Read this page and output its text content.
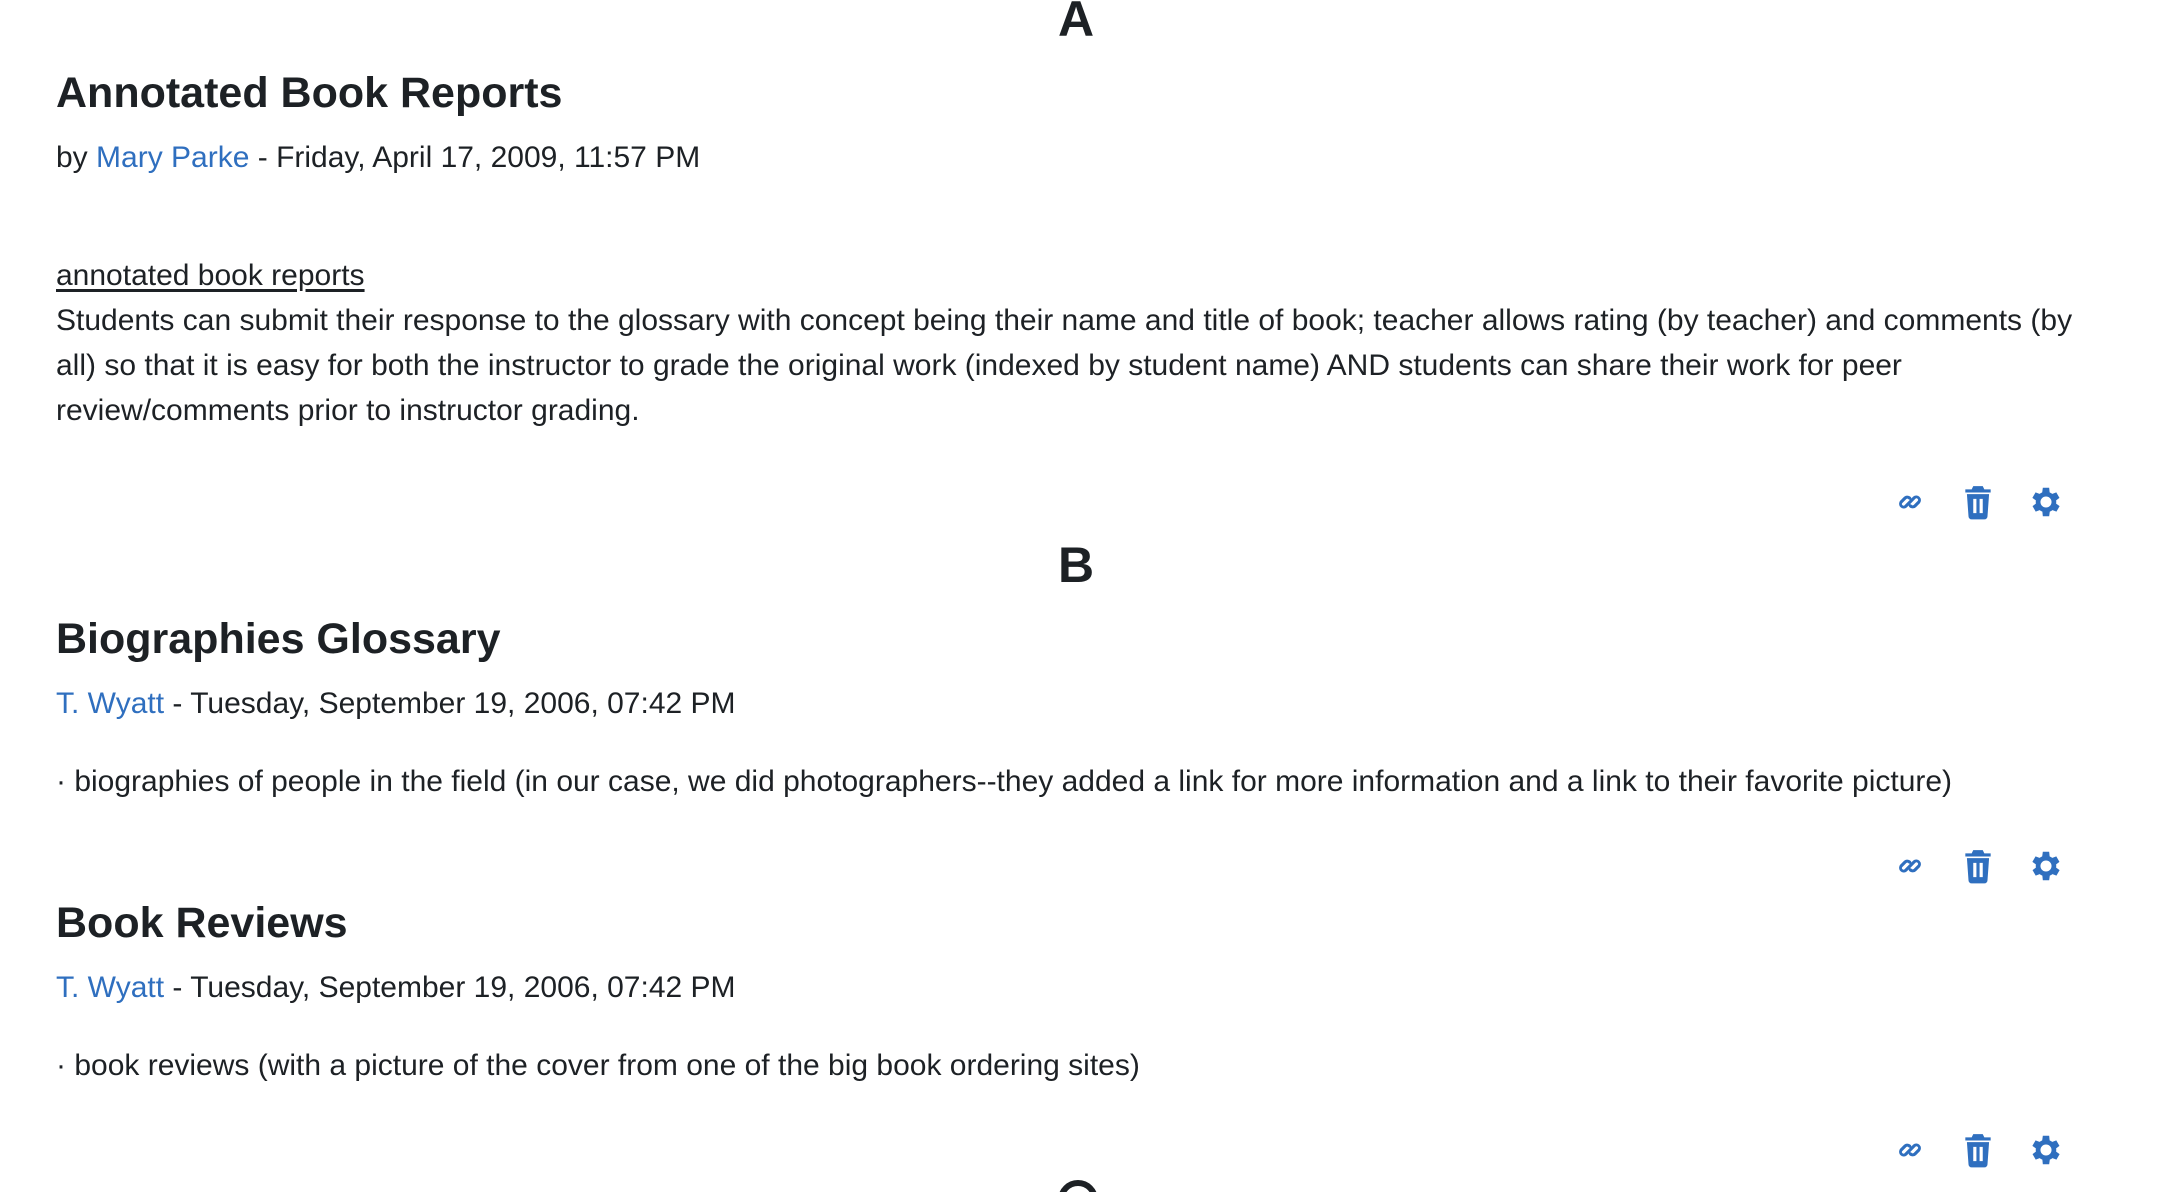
A
Annotated Book Reports

by Mary Parke - Friday, April 17, 2009, 11:57 PM

annotated book reports
Students can submit their response to the glossary with concept being their name and title of book; teacher allows rating (by teacher) and comments (by all) so that it is easy for both the instructor to grade the original work (indexed by student name) AND students can share their work for peer review/comments prior to instructor grading.
B
Biographies Glossary

T. Wyatt - Tuesday, September 19, 2006, 07:42 PM

· biographies of people in the field (in our case, we did photographers--they added a link for more information and a link to their favorite picture)
Book Reviews

T. Wyatt - Tuesday, September 19, 2006, 07:42 PM

· book reviews (with a picture of the cover from one of the big book ordering sites)
